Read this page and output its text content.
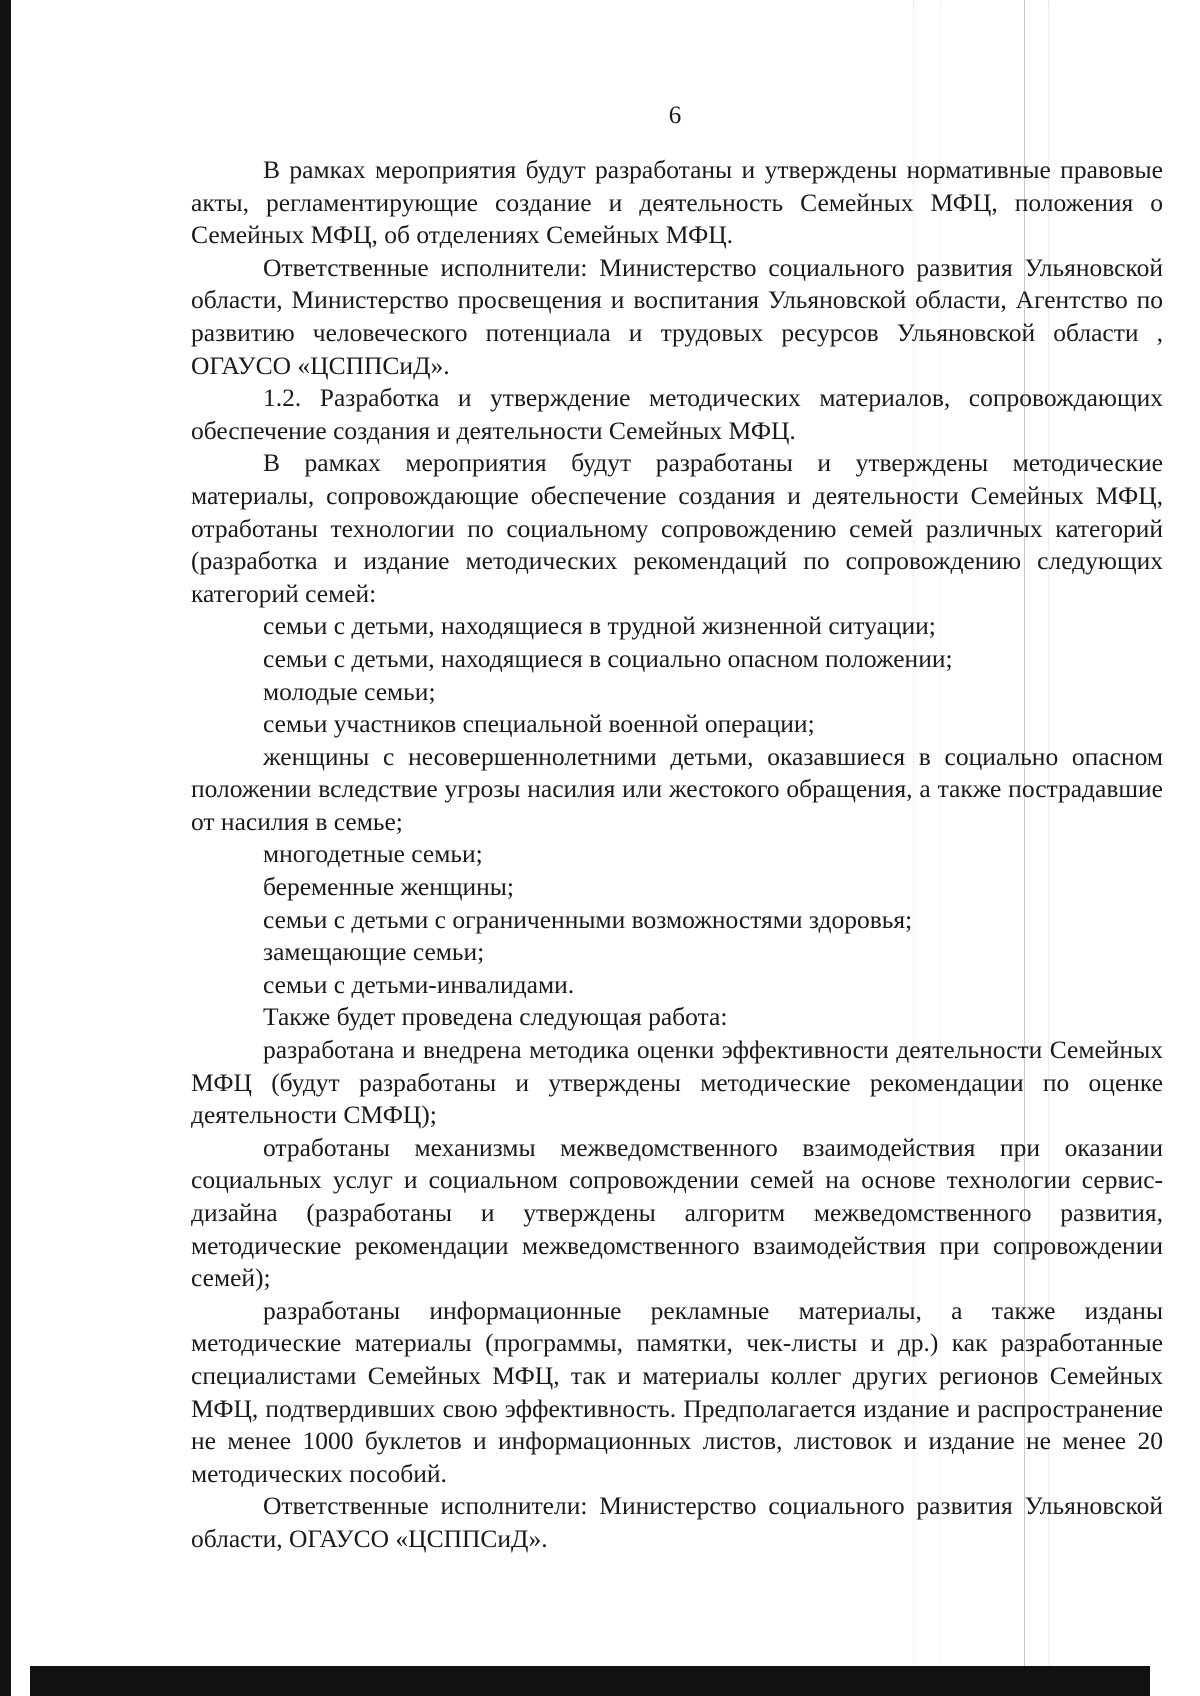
6

В рамках мероприятия будут разработаны и утверждены нормативные правовые акты, регламентирующие создание и деятельность Семейных МФЦ, положения о Семейных МФЦ, об отделениях Семейных МФЦ.

Ответственные исполнители: Министерство социального развития Ульяновской области, Министерство просвещения и воспитания Ульяновской области, Агентство по развитию человеческого потенциала и трудовых ресурсов Ульяновской области , ОГАУСО «ЦСППСиД».

1.2. Разработка и утверждение методических материалов, сопровождающих обеспечение создания и деятельности Семейных МФЦ.

В рамках мероприятия будут разработаны и утверждены методические материалы, сопровождающие обеспечение создания и деятельности Семейных МФЦ, отработаны технологии по социальному сопровождению семей различных категорий (разработка и издание методических рекомендаций по сопровождению следующих категорий семей:

семьи с детьми, находящиеся в трудной жизненной ситуации;

семьи с детьми, находящиеся в социально опасном положении;

молодые семьи;

семьи участников специальной военной операции;

женщины с несовершеннолетними детьми, оказавшиеся в социально опасном положении вследствие угрозы насилия или жестокого обращения, а также пострадавшие от насилия в семье;

многодетные семьи;

беременные женщины;

семьи с детьми с ограниченными возможностями здоровья;

замещающие семьи;

семьи с детьми-инвалидами.

Также будет проведена следующая работа:

разработана и внедрена методика оценки эффективности деятельности Семейных МФЦ (будут разработаны и утверждены методические рекомендации по оценке деятельности СМФЦ);

отработаны механизмы межведомственного взаимодействия при оказании социальных услуг и социальном сопровождении семей на основе технологии сервис-дизайна (разработаны и утверждены алгоритм межведомственного развития, методические рекомендации межведомственного взаимодействия при сопровождении семей);

разработаны информационные рекламные материалы, а также изданы методические материалы (программы, памятки, чек-листы и др.) как разработанные специалистами Семейных МФЦ, так и материалы коллег других регионов Семейных МФЦ, подтвердивших свою эффективность. Предполагается издание и распространение не менее 1000 буклетов и информационных листов, листовок и издание не менее 20 методических пособий.

Ответственные исполнители: Министерство социального развития Ульяновской области, ОГАУСО «ЦСППСиД».
